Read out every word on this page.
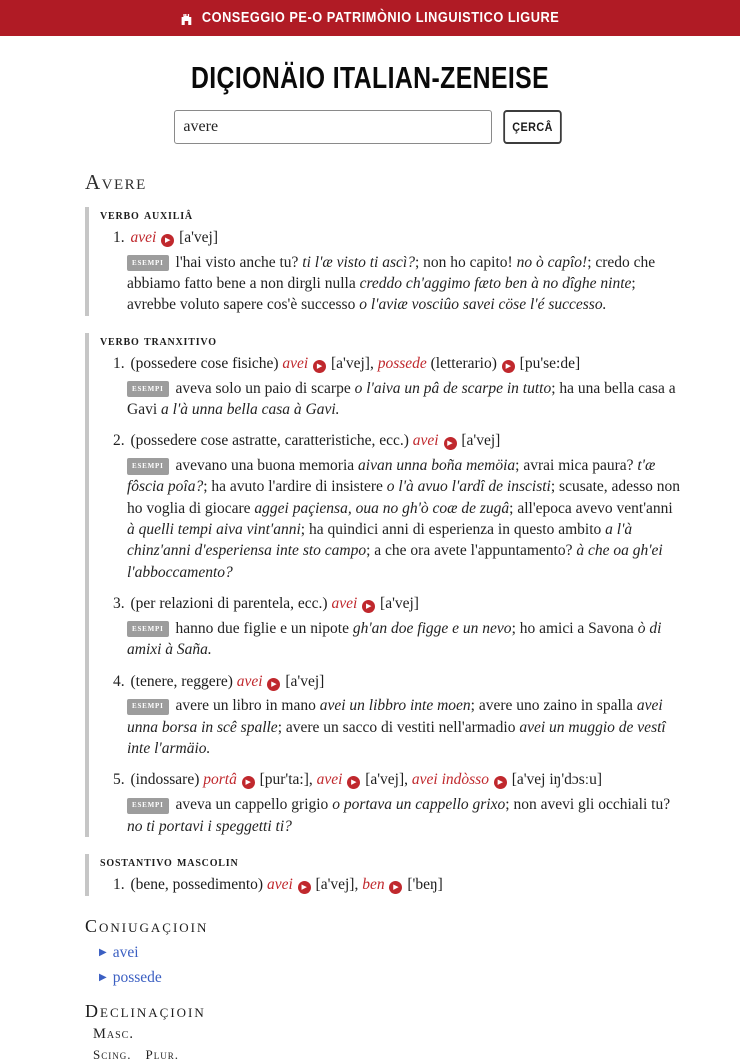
CONSEGGIO PE-O PATRIMÒNIO LINGUISTICO LIGURE
DIÇIONÄIO ITALIAN-ZENEISE
avere
ÇERCÂ
Avere
verbo auxiliâ
1. avei ▶ [a'vej]

esempi l'hai visto anche tu? ti l'æ visto ti ascì?; non ho capito! no ò capîo!; credo che abbiamo fatto bene a non dirgli nulla creddo ch'aggimo fæto ben à no dîghe ninte; avrebbe voluto sapere cos'è successo o l'aviæ vosciûo savei cöse l'é successo.

verbo tranxitivo
1. (possedere cose fisiche) avei ▶ [a'vej], possede (letterario) ▶ [pu'se:de]

esempi aveva solo un paio di scarpe o l'aiva un pâ de scarpe in tutto; ha una bella casa a Gavi a l'à unna bella casa à Gavi.

2. (possedere cose astratte, caratteristiche, ecc.) avei ▶ [a'vej]

esempi avevano una buona memoria aivan unna boña memöia; avrai mica paura? t'æ fôscia poîa?; ha avuto l'ardire di insistere o l'à avuo l'ardî de inscisti; scusate, adesso non ho voglia di giocare aggei paçiensa, oua no gh'ò coæ de zugâ; all'epoca avevo vent'anni à quelli tempi aiva vint'anni; ha quindici anni di esperienza in questo ambito a l'à chinz'anni d'esperiensa inte sto campo; a che ora avete l'appuntamento? à che oa gh'ei l'abboccamento?

3. (per relazioni di parentela, ecc.) avei ▶ [a'vej]

esempi hanno due figlie e un nipote gh'an doe figge e un nevo; ho amici a Savona ò di amixi à Saña.

4. (tenere, reggere) avei ▶ [a'vej]

esempi avere un libro in mano avei un libbro inte moen; avere uno zaino in spalla avei unna borsa in scê spalle; avere un sacco di vestiti nell'armadio avei un muggio de vestî inte l'armäio.

5. (indossare) portâ ▶ [pur'ta:], avei ▶ [a'vej], avei indòsso ▶ [a'vej iŋ'dɔsːu]

esempi aveva un cappello grigio o portava un cappello grixo; non avevi gli occhiali tu? no ti portavi i speggetti ti?

sostantivo mascolin
1. (bene, possedimento) avei ▶ [a'vej], ben ▶ ['beŋ]
Coniugaçioin
▶ avei
▶ possede
Declinaçioin
Masc.
Scing. Plur.
